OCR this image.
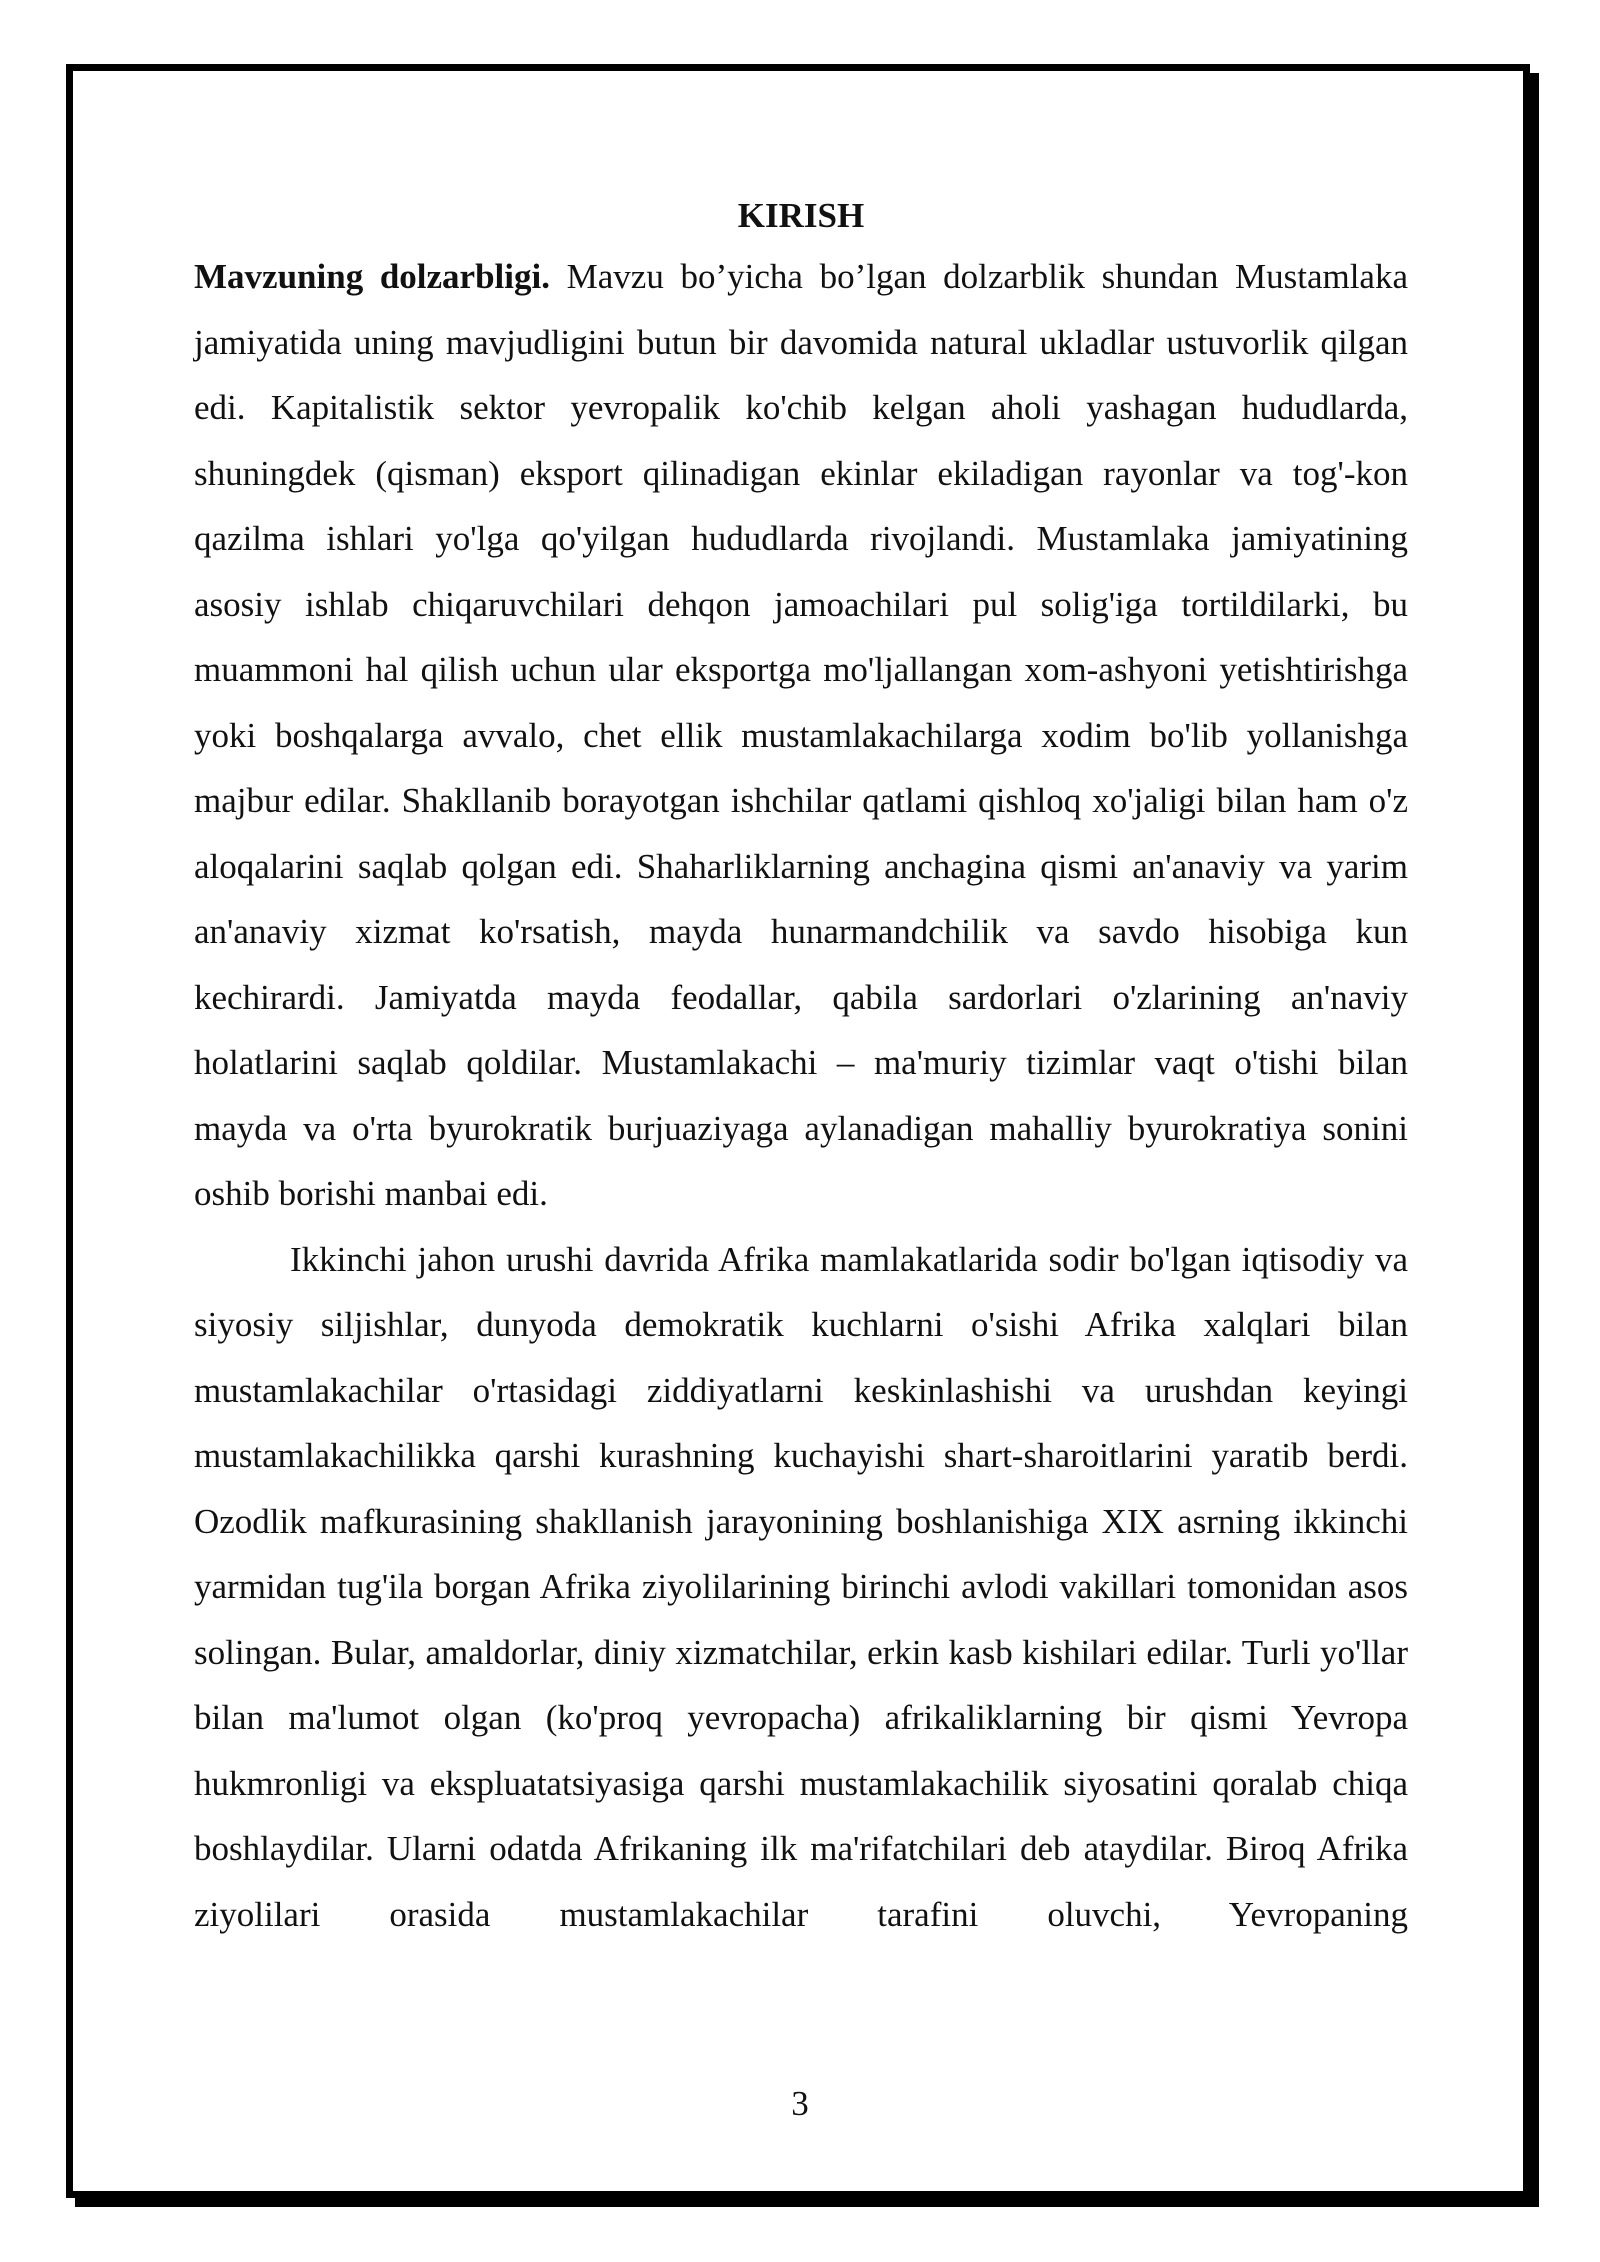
KIRISH

Mavzuning dolzarbligi. Mavzu bo’yicha bo’lgan dolzarblik shundan Mustamlaka jamiyatida uning mavjudligini butun bir davomida natural ukladlar ustuvorlik qilgan edi. Kapitalistik sektor yevropalik ko'chib kelgan aholi yashagan hududlarda, shuningdek (qisman) eksport qilinadigan ekinlar ekiladigan rayonlar va tog'-kon qazilma ishlari yo'lga qo'yilgan hududlarda rivojlandi. Mustamlaka jamiyatining asosiy ishlab chiqaruvchilari dehqon jamoachilari pul solig'iga tortildilarki, bu muammoni hal qilish uchun ular eksportga mo'ljallangan xom-ashyoni yetishtirishga yoki boshqalarga avvalo, chet ellik mustamlakachilarga xodim bo'lib yollanishga majbur edilar. Shakllanib borayotgan ishchilar qatlami qishloq xo'jaligi bilan ham o'z aloqalarini saqlab qolgan edi. Shaharliklarning anchagina qismi an'anaviy va yarim an'anaviy xizmat ko'rsatish, mayda hunarmandchilik va savdo hisobiga kun kechirardi. Jamiyatda mayda feodallar, qabila sardorlari o'zlarining an'naviy holatlarini saqlab qoldilar. Mustamlakachi – ma'muriy tizimlar vaqt o'tishi bilan mayda va o'rta byurokratik burjuaziyaga aylanadigan mahalliy byurokratiya sonini oshib borishi manbai edi.

Ikkinchi jahon urushi davrida Afrika mamlakatlarida sodir bo'lgan iqtisodiy va siyosiy siljishlar, dunyoda demokratik kuchlarni o'sishi Afrika xalqlari bilan mustamlakachilar o'rtasidagi ziddiyatlarni keskinlashishi va urushdan keyingi mustamlakachilikka qarshi kurashning kuchayishi shart-sharoitlarini yaratib berdi. Ozodlik mafkurasining shakllanish jarayonining boshlanishiga XIX asrning ikkinchi yarmidan tug'ila borgan Afrika ziyolilarining birinchi avlodi vakillari tomonidan asos solingan. Bular, amaldorlar, diniy xizmatchilar, erkin kasb kishilari edilar. Turli yo'llar bilan ma'lumot olgan (ko'proq yevropacha) afrikaliklarning bir qismi Yevropa hukmronligi va ekspluatatsiyasiga qarshi mustamlakachilik siyosatini qoralab chiqa boshlaydilar. Ularni odatda Afrikaning ilk ma'rifatchilari deb ataydilar. Biroq Afrika ziyolilari orasida mustamlakachilar tarafini oluvchi, Yevropaning

3
